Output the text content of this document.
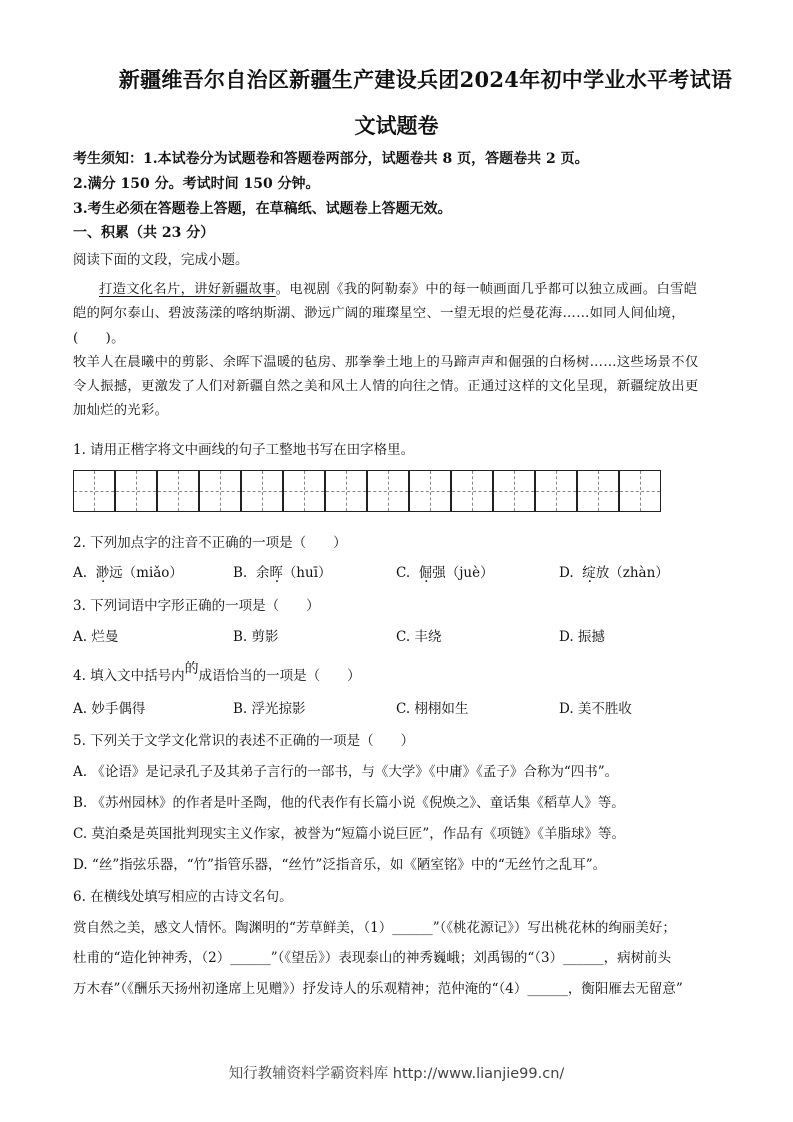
新疆维吾尔自治区新疆生产建设兵团2024年初中学业水平考试语
文试题卷
考生须知：1.本试卷分为试题卷和答题卷两部分，试题卷共 8 页，答题卷共 2 页。
2.满分 150 分。考试时间 150 分钟。
3.考生必须在答题卷上答题，在草稿纸、试题卷上答题无效。
一、积累（共 23 分）
阅读下面的文段，完成小题。

打造文化名片，讲好新疆故事。电视剧《我的阿勒泰》中的每一帧画面几乎都可以独立成画。白雪皑

皑的阿尔泰山、碧波荡漾的喀纳斯湖、渺远广阔的璀璨星空、一望无垠的烂曼花海……如同人间仙境，(　　)。

牧羊人在晨曦中的剪影、余晖下温暖的毡房、那拳拳土地上的马蹄声声和倔强的白杨树……这些场景不仅

令人振撼，更激发了人们对新疆自然之美和风土人情的向往之情。正通过这样的文化呈现，新疆绽放出更

加灿烂的光彩。

1. 请用正楷字将文中画线的句子工整地书写在田字格里。
2. 下列加点字的注音不正确的一项是（　　）
A. 渺远（miǎo）	B. 余晖（huī）	C. 倔强（juè）	D. 绽放（zhàn）
3. 下列词语中字形正确的一项是（　　）
A. 烂曼	B. 剪影	C. 丰绕	D. 振撼
4. 填入文中括号内的成语恰当的一项是（　　）
A. 妙手偶得	B. 浮光掠影	C. 栩栩如生	D. 美不胜收
5. 下列关于文学文化常识的表述不正确的一项是（　　）
A. 《论语》是记录孔子及其弟子言行的一部书，与《大学》《中庸》《孟子》合称为“四书”。
B. 《苏州园林》的作者是叶圣陶，他的代表作有长篇小说《倪焕之》、童话集《稻草人》等。
C. 莫泊桑是英国批判现实主义作家，被誉为“短篇小说巨匠”，作品有《项链》《羊脂球》等。
D. “丝”指弦乐器，“竹”指管乐器，“丝竹”泛指音乐，如《陋室铭》中的“无丝竹之乱耳”。
6. 在横线处填写相应的古诗文名句。
赏自然之美，感文人情怀。陶渊明的“芳草鲜美，（1）______”（《桃花源记》）写出桃花林的绚丽美好；
杜甫的“造化钟神秀，（2）______”（《望岳》）表现泰山的神秀巍峨；刘禹锡的“（3）______，病树前头
万木春”（《酬乐天扬州初逢席上见赠》）抒发诗人的乐观精神；范仲淹的“（4）______，衡阳雁去无留意”
知行教辅资料学霸资料库 http://www.lianjie99.cn/
